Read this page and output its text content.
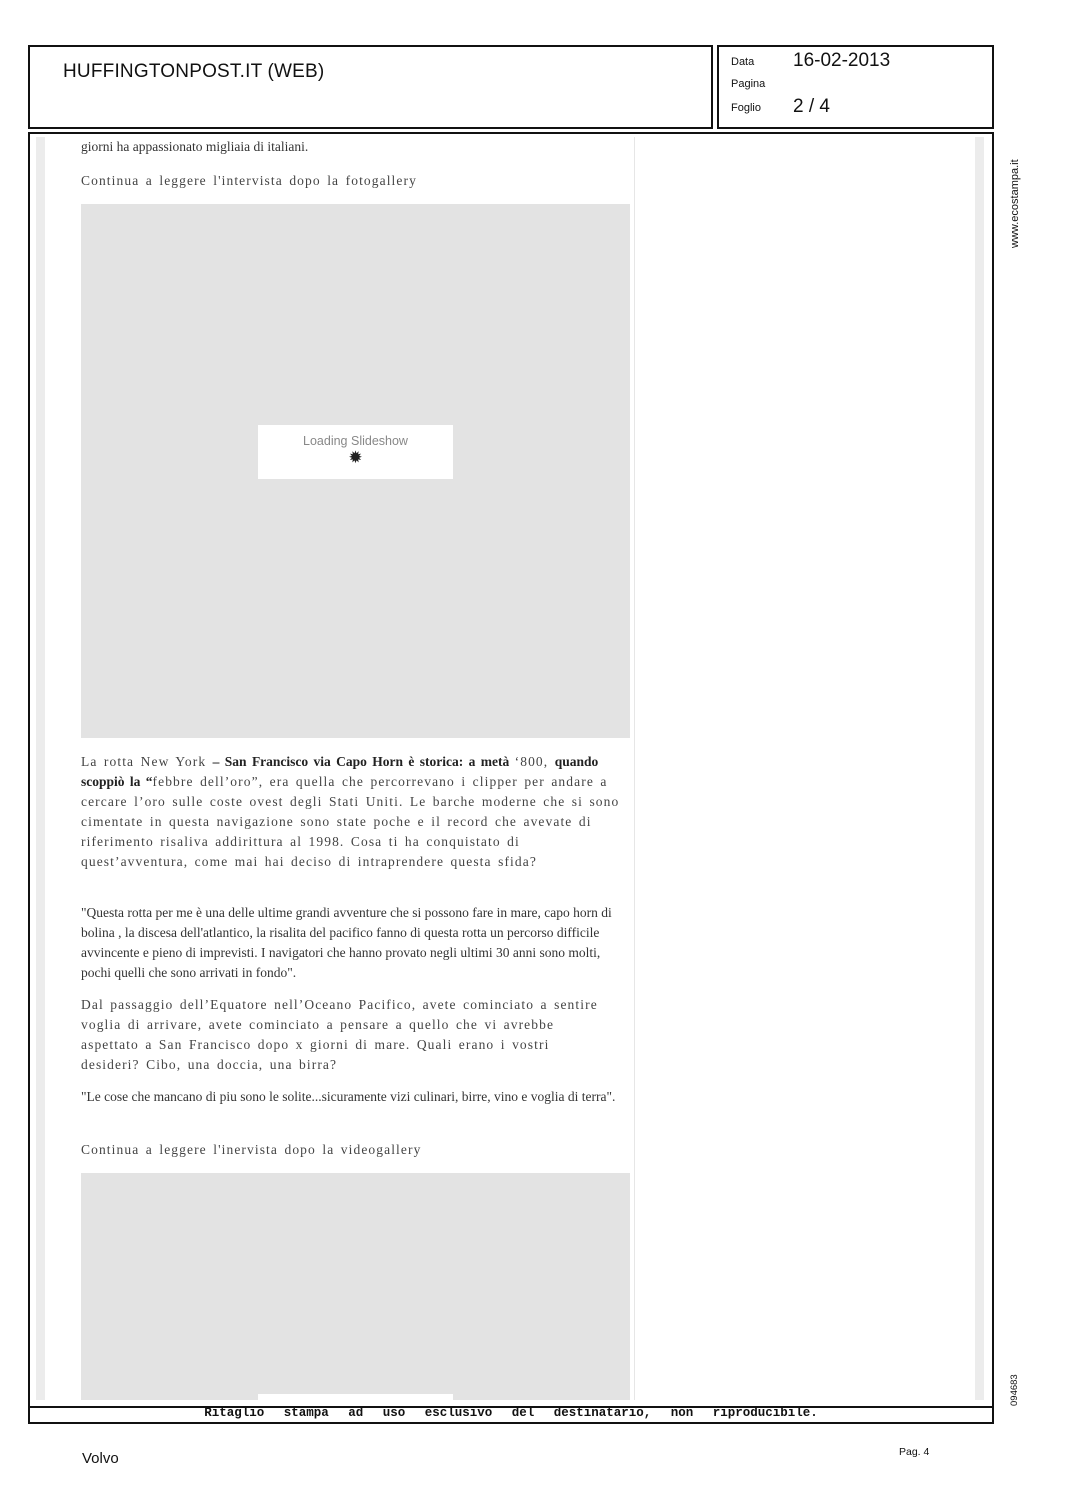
HUFFINGTONPOST.IT (WEB)	Data 16-02-2013
Pagina
Foglio 2 / 4
giorni ha appassionato migliaia di italiani.
Continua a leggere l'intervista dopo la fotogallery
Loading Slideshow
✹
La rotta New York – San Francisco via Capo Horn è storica: a metà ‘800, quando scoppiò la “febbre dell’oro”, era quella che percorrevano i clipper per andare a cercare l’oro sulle coste ovest degli Stati Uniti. Le barche moderne che si sono cimentate in questa navigazione sono state poche e il record che avevate di riferimento risaliva addirittura al 1998. Cosa ti ha conquistato di quest’avventura, come mai hai deciso di intraprendere questa sfida?
"Questa rotta per me è una delle ultime grandi avventure che si possono fare in mare, capo horn di bolina , la discesa dell'atlantico, la risalita del pacifico fanno di questa rotta un percorso difficile avvincente e pieno di imprevisti. I navigatori che hanno provato negli ultimi 30 anni sono molti, pochi quelli che sono arrivati in fondo".
Dal passaggio dell’Equatore nell’Oceano Pacifico, avete cominciato a sentire voglia di arrivare, avete cominciato a pensare a quello che vi avrebbe aspettato a San Francisco dopo x giorni di mare. Quali erano i vostri desideri? Cibo, una doccia, una birra?
"Le cose che mancano di piu sono le solite...sicuramente vizi culinari, birre, vino e voglia di terra".
Continua a leggere l'inervista dopo la videogallery
www.ecostampa.it
094683
Ritaglio stampa ad uso esclusivo del destinatario, non riproducibile.
Volvo	Pag. 4
